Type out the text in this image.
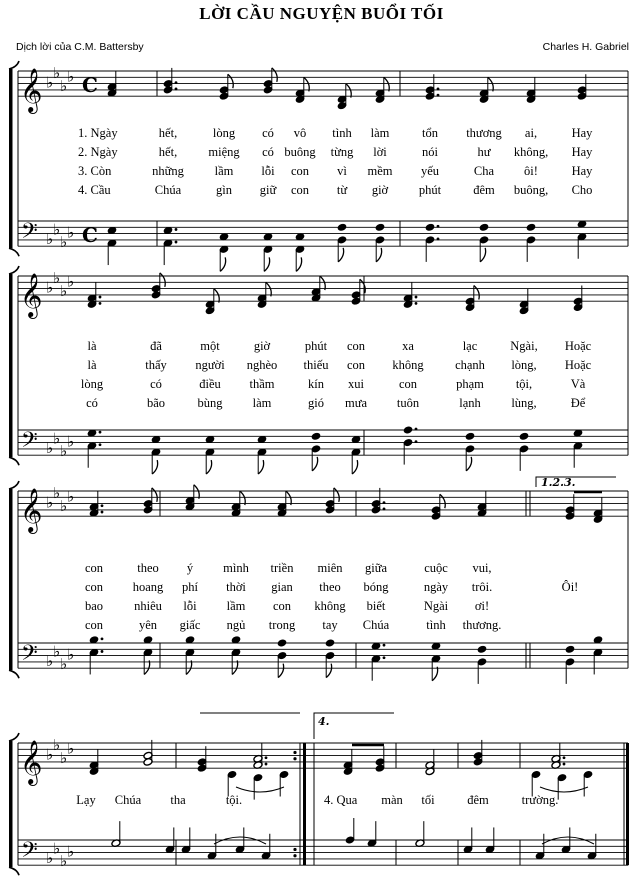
LỜI CẦU NGUYỆN BUỔI TỐI
Dịch lời của C.M. Battersby	Charles H. Gabriel
𝄞
𝄢
♭
♭
♭
♭
♭
♭
♭
♭
C
C
𝄞
𝄢
♭
♭
♭
♭
♭
♭
♭
♭
𝄞
𝄢
♭
♭
♭
♭
♭
♭
♭
♭
𝄞
𝄢
♭
♭
♭
♭
♭
♭
♭
♭
1.2.3.
4.
1. Ngày	hết,	lòng có vô tình làm	tổn thương ai,	Hay
2. Ngày	hết, miệng có buông từng lời	nói	hư không, Hay
3. Còn	những lầm lỗi con vì mềm yếu	Cha ôi!	Hay
4. Cầu	Chúa	gìn giữ con từ giờ phút	đêm buông, Cho
là	đã	một	giờ	phút con	xa	lạc	Ngài, Hoặc
là	thấy người nghèo thiếu con không	chạnh lòng, Hoặc
lòng	có	điều thầm	kín xui	con	phạm	tội,	Và
có	bão	bùng làm	gió mưa tuôn	lạnh lùng,	Để
con	theo ý mình triền miên giữa	cuộc vui,
con hoang phí thời gian theo bóng	ngày trôi.	Ôi!
bao nhiêu lỗi lầm con không biết	Ngài ơi!
con	yên giấc ngủ trong tay Chúa	tình thương.
Lạy Chúa tha	tội.	4. Qua màn tối	đêm	trường.
